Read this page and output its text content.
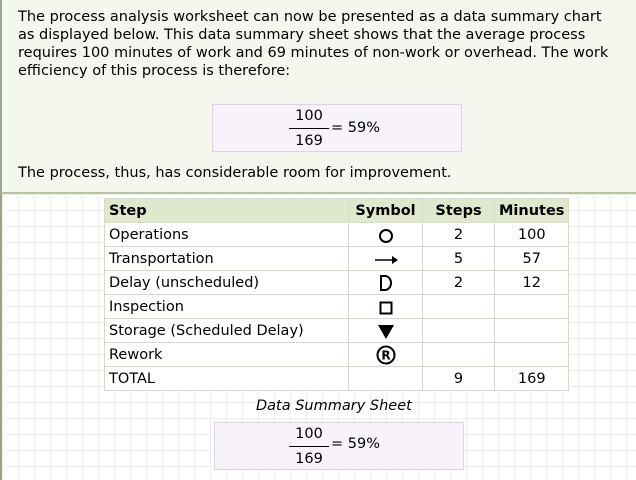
The process analysis worksheet can now be presented as a data summary chart as displayed below. This data summary sheet shows that the average process requires 100 minutes of work and 69 minutes of non-work or overhead. The work efficiency of this process is therefore:

100
169
= 59%

The process, thus, has considerable room for improvement.

Step	Symbol	Steps	Minutes
Operations		2	100
Transportation		5	57
Delay (unscheduled)		2	12
Inspection			
Storage (Scheduled Delay)			
Rework	R		

TOTAL		9	169
Data Summary Sheet
100
169
= 59%
